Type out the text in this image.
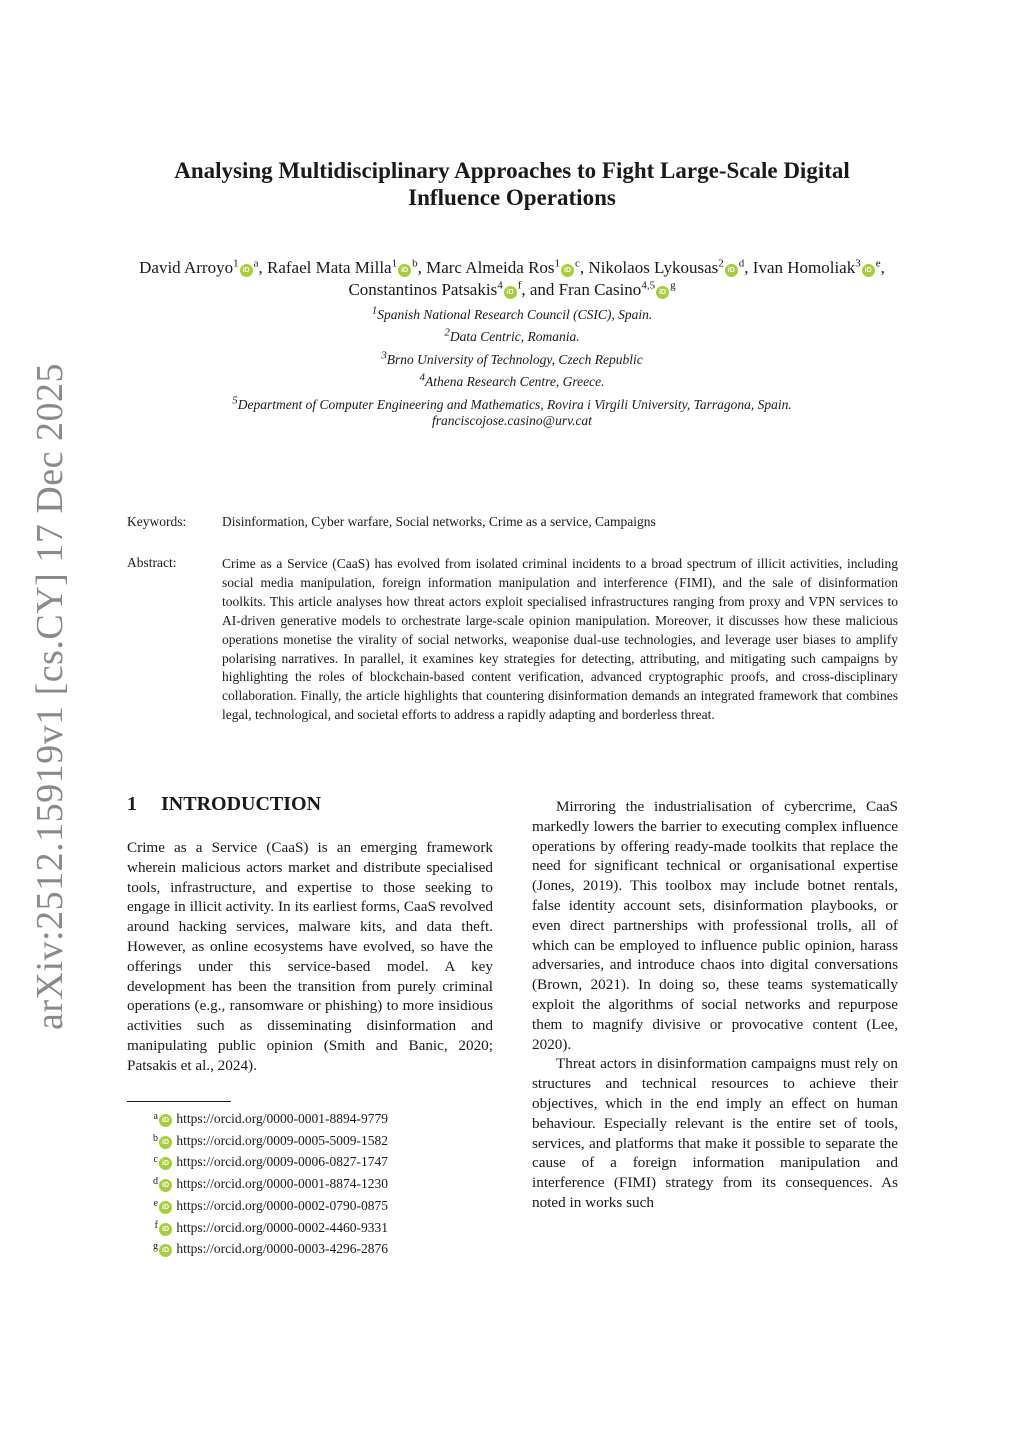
arXiv:2512.15919v1 [cs.CY] 17 Dec 2025
Analysing Multidisciplinary Approaches to Fight Large-Scale Digital
Influence Operations
David $Arroyo^1iD^a$, Rafael Mata $Milla^1iD^b$, Marc Almeida $Ros^1iD^c$, Nikolaos $Lykousas^2iD^d$, Ivan $Homoliak^3iD^e$, Constantinos $Patsakis^4iD^f$, and Fran $Casino^{4,5}iD^g$
$^1$Spanish National Research Council (CSIC), Spain.
$^2$Data Centric, Romania.
$^3$Brno University of Technology, Czech Republic
$^4$Athena Research Centre, Greece.
$^5$Department of Computer Engineering and Mathematics, Rovira i Virgili University, Tarragona, Spain.
franciscojose.casino@urv.cat
Keywords:	Disinformation, Cyber warfare, Social networks, Crime as a service, Campaigns
Abstract:	Crime as a Service (CaaS) has evolved from isolated criminal incidents to a broad spectrum of illicit activities, including social media manipulation, foreign information manipulation and interference (FIMI), and the sale of disinformation toolkits. This article analyses how threat actors exploit specialised infrastructures ranging from proxy and VPN services to AI-driven generative models to orchestrate large-scale opinion manipulation. Moreover, it discusses how these malicious operations monetise the virality of social networks, weaponise dual-use technologies, and leverage user biases to amplify polarising narratives. In parallel, it examines key strategies for detecting, attributing, and mitigating such campaigns by highlighting the roles of blockchain-based content verification, advanced cryptographic proofs, and cross-disciplinary collaboration. Finally, the article highlights that countering disinformation demands an integrated framework that combines legal, technological, and societal efforts to address a rapidly adapting and borderless threat.
1 INTRODUCTION

Crime as a Service (CaaS) is an emerging framework wherein malicious actors market and distribute specialised tools, infrastructure, and expertise to those seeking to engage in illicit activity. In its earliest forms, CaaS revolved around hacking services, malware kits, and data theft. However, as online ecosystems have evolved, so have the offerings under this service-based model. A key development has been the transition from purely criminal operations (e.g., ransomware or phishing) to more insidious activities such as disseminating disinformation and manipulating public opinion (Smith and Banic, 2020; Patsakis et al., 2024).

Mirroring the industrialisation of cybercrime, CaaS markedly lowers the barrier to executing complex influence operations by offering ready-made toolkits that replace the need for significant technical or organisational expertise (Jones, 2019). This toolbox may include botnet rentals, false identity account sets, disinformation playbooks, or even direct partnerships with professional trolls, all of which can be employed to influence public opinion, harass adversaries, and introduce chaos into digital conversations (Brown, 2021). In doing so, these teams systematically exploit the algorithms of social networks and repurpose them to magnify divisive or provocative content (Lee, 2020).

Threat actors in disinformation campaigns must rely on structures and technical resources to achieve their objectives, which in the end imply an effect on human behaviour. Especially relevant is the entire set of tools, services, and platforms that make it possible to separate the cause of a foreign information manipulation and interference (FIMI) strategy from its consequences. As noted in works such

a iD https://orcid.org/0000-0001-8894-9779
b iD https://orcid.org/0009-0005-5009-1582
c iD https://orcid.org/0009-0006-0827-1747
d iD https://orcid.org/0000-0001-8874-1230
e iD https://orcid.org/0000-0002-0790-0875
f iD https://orcid.org/0000-0002-4460-9331
g iD https://orcid.org/0000-0003-4296-2876
